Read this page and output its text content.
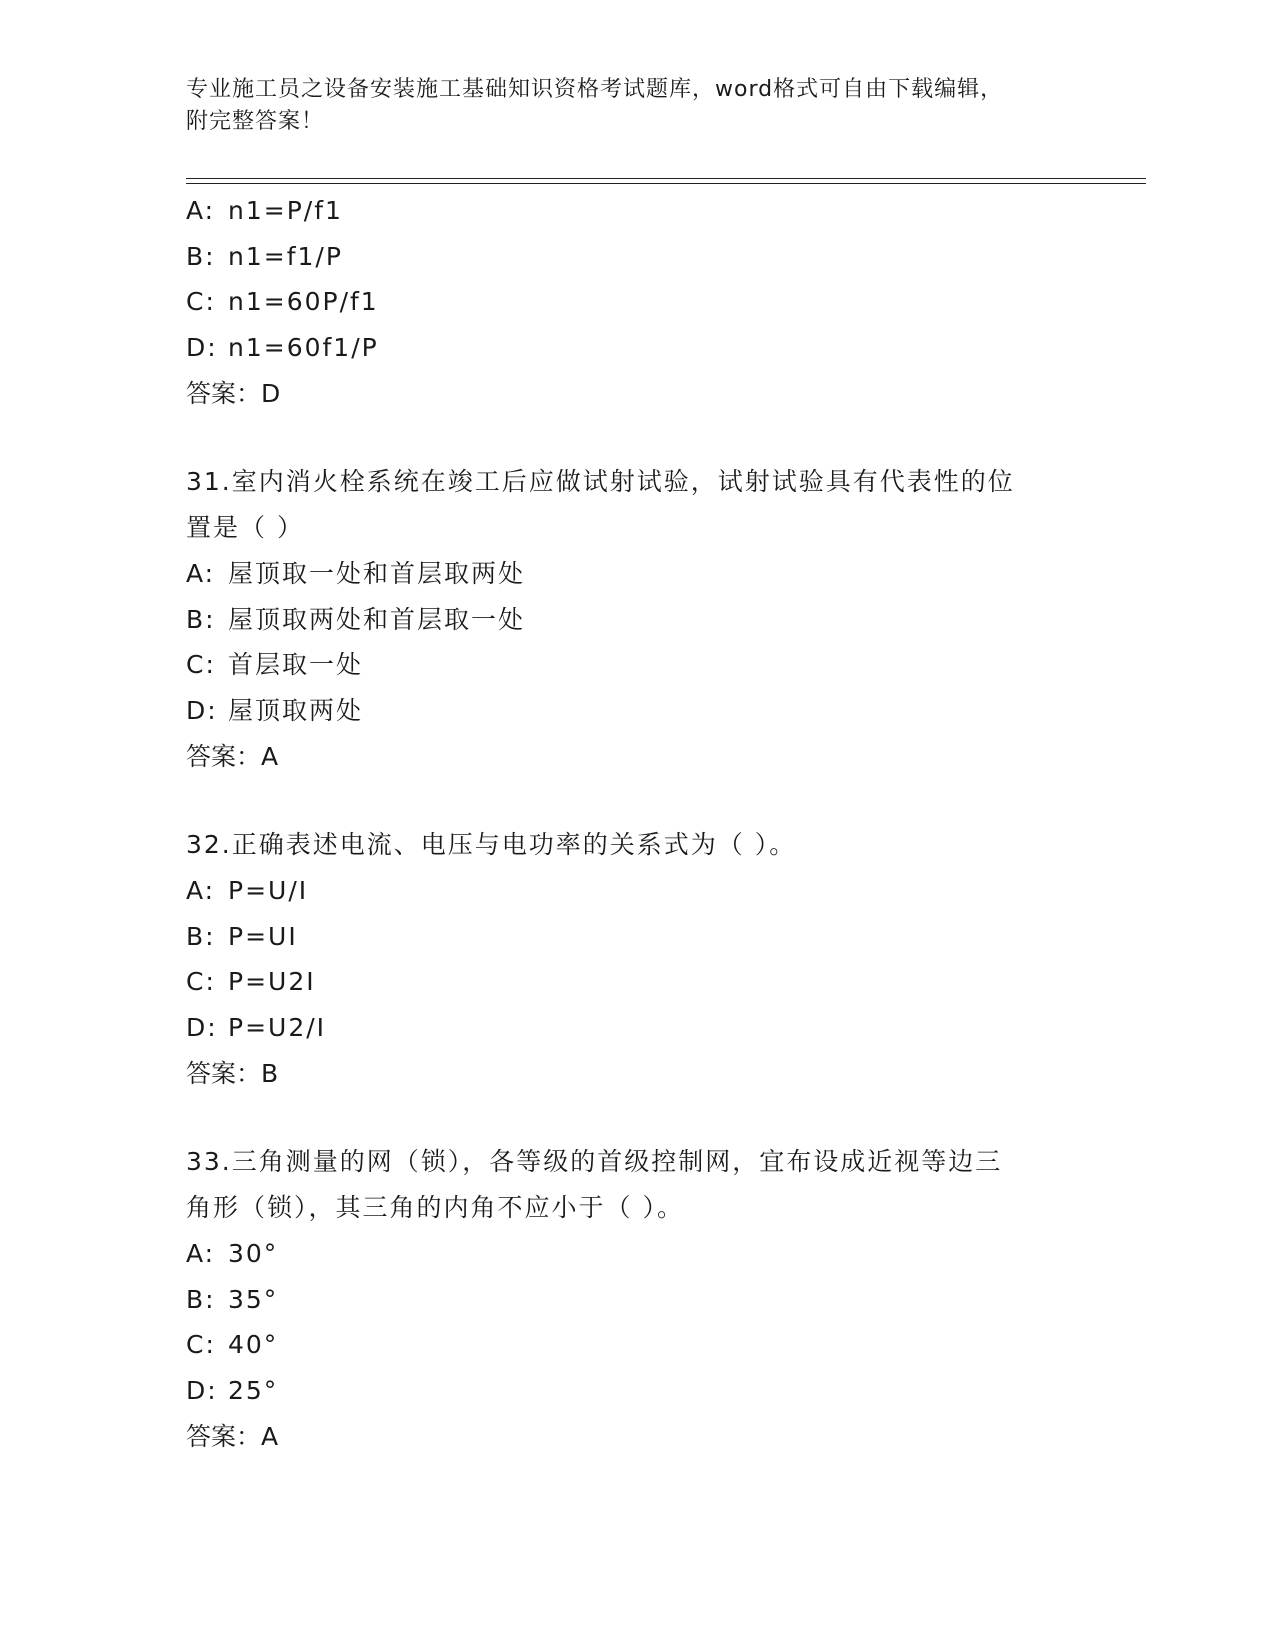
专业施工员之设备安装施工基础知识资格考试题库，word格式可自由下载编辑，
附完整答案！
A: n1=P/f1
B: n1=f1/P
C: n1=60P/f1
D: n1=60f1/P
答案：D
31.室内消火栓系统在竣工后应做试射试验，试射试验具有代表性的位
置是（ ）
A: 屋顶取一处和首层取两处
B: 屋顶取两处和首层取一处
C: 首层取一处
D: 屋顶取两处
答案：A
32.正确表述电流、电压与电功率的关系式为（ ）。
A: P=U/I
B: P=UI
C: P=U2I
D: P=U2/I
答案：B
33.三角测量的网（锁），各等级的首级控制网，宜布设成近视等边三
角形（锁），其三角的内角不应小于（ ）。
A: 30°
B: 35°
C: 40°
D: 25°
答案：A
